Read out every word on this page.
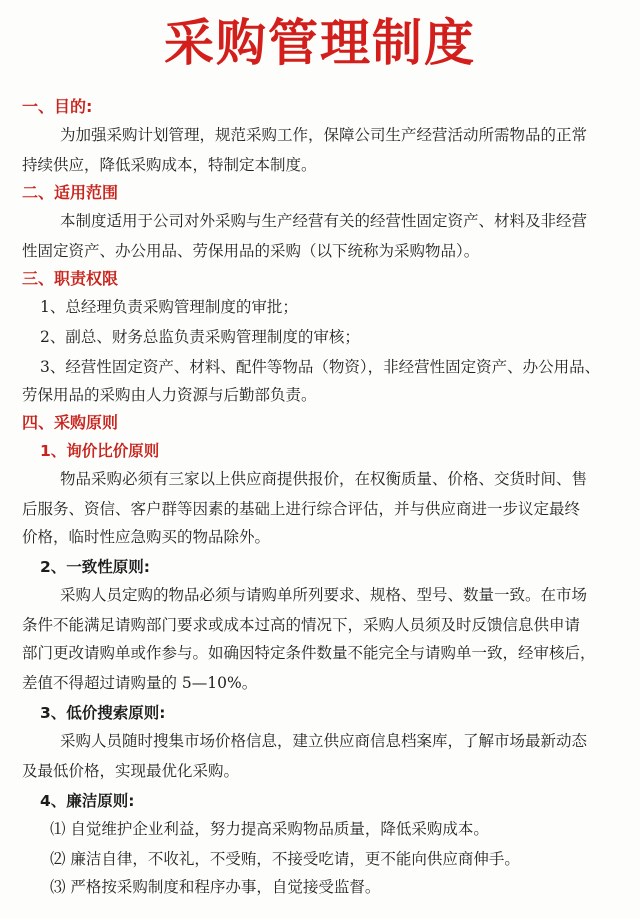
采购管理制度
一、目的:
为加强采购计划管理，规范采购工作，保障公司生产经营活动所需物品的正常
持续供应，降低采购成本，特制定本制度。
二、适用范围
本制度适用于公司对外采购与生产经营有关的经营性固定资产、材料及非经营
性固定资产、办公用品、劳保用品的采购（以下统称为采购物品）。
三、职责权限
1、总经理负责采购管理制度的审批；
2、副总、财务总监负责采购管理制度的审核；
3、经营性固定资产、材料、配件等物品（物资），非经营性固定资产、办公用品、
劳保用品的采购由人力资源与后勤部负责。
四、采购原则
1、询价比价原则
物品采购必须有三家以上供应商提供报价，在权衡质量、价格、交货时间、售
后服务、资信、客户群等因素的基础上进行综合评估，并与供应商进一步议定最终
价格，临时性应急购买的物品除外。
2、一致性原则:
采购人员定购的物品必须与请购单所列要求、规格、型号、数量一致。在市场
条件不能满足请购部门要求或成本过高的情况下，采购人员须及时反馈信息供申请
部门更改请购单或作参与。如确因特定条件数量不能完全与请购单一致，经审核后，
差值不得超过请购量的 5—10%。
3、低价搜索原则:
采购人员随时搜集市场价格信息，建立供应商信息档案库，了解市场最新动态
及最低价格，实现最优化采购。
4、廉洁原则:
⑴ 自觉维护企业利益，努力提高采购物品质量，降低采购成本。
⑵ 廉洁自律，不收礼，不受贿，不接受吃请，更不能向供应商伸手。
⑶ 严格按采购制度和程序办事，自觉接受监督。
